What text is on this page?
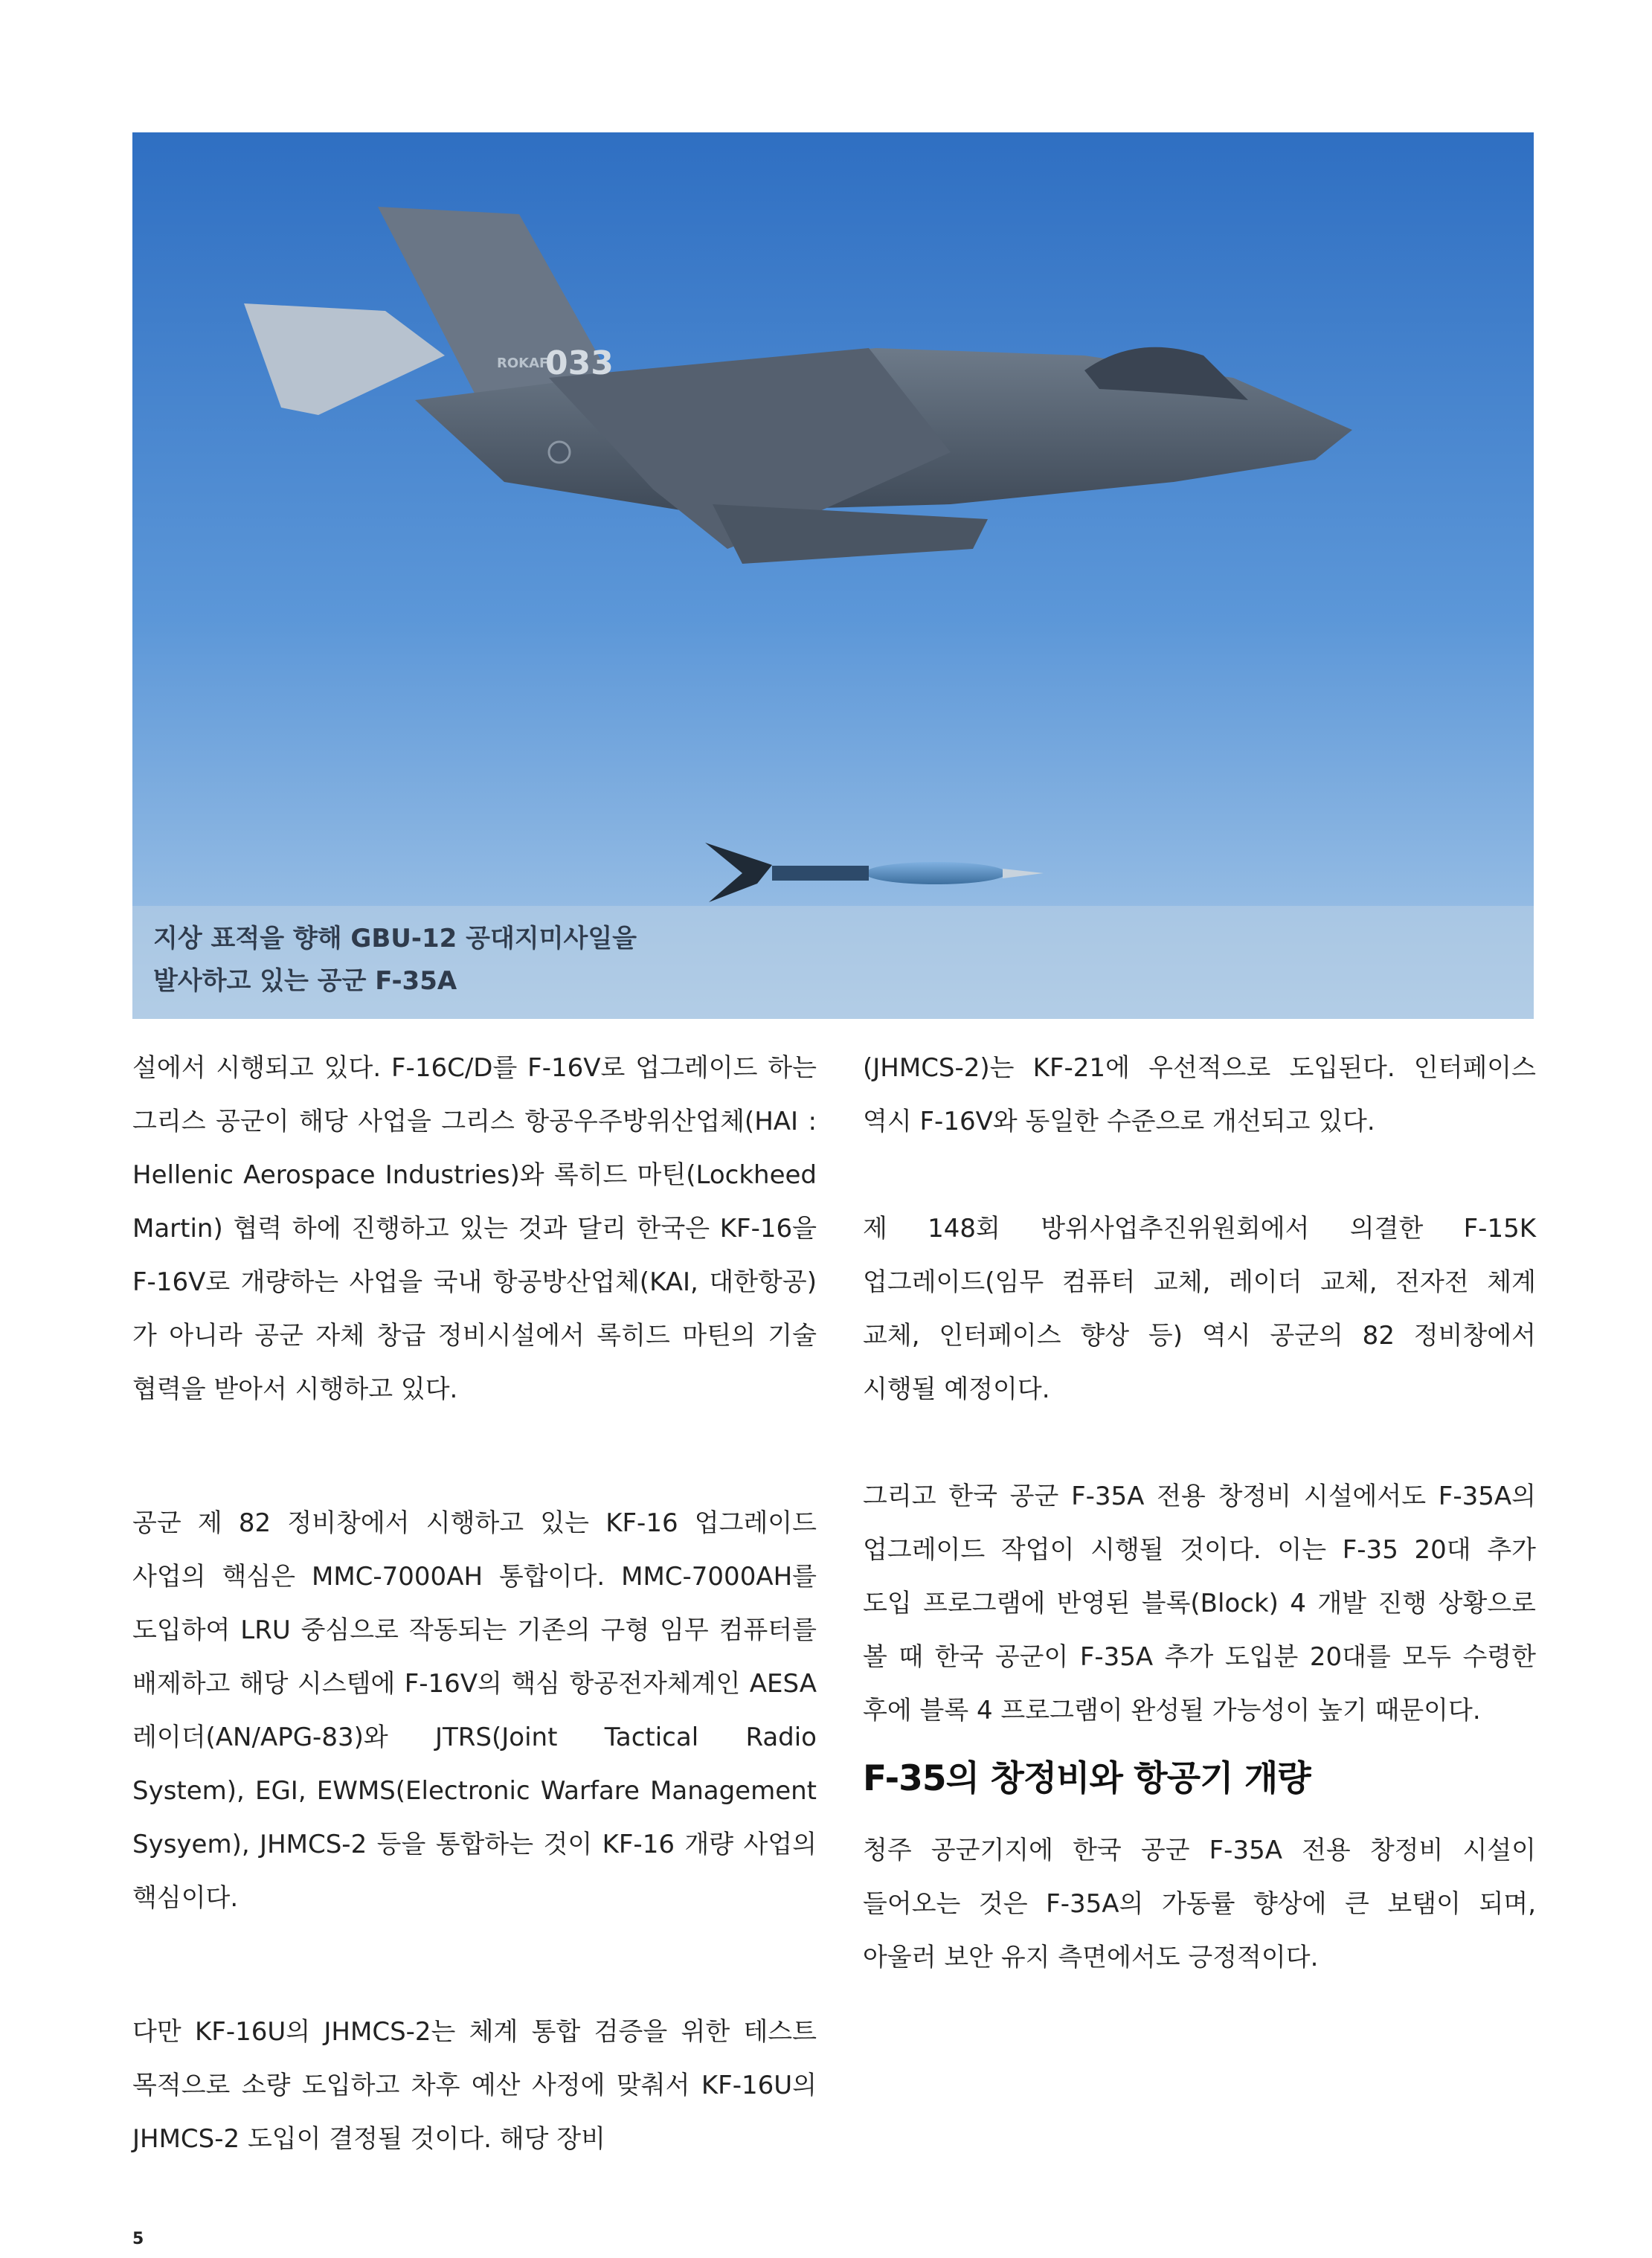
ROKAF
033
지상 표적을 향해 GBU-12 공대지미사일을
발사하고 있는 공군 F-35A
설에서 시행되고 있다. F-16C/D를 F-16V로 업그레이드 하는 그리스 공군이 해당 사업을 그리스 항공우주방위산업체(HAI : Hellenic Aerospace Industries)와 록히드 마틴(Lockheed Martin) 협력 하에 진행하고 있는 것과 달리 한국은 KF-16을 F-16V로 개량하는 사업을 국내 항공방산업체(KAI, 대한항공)가 아니라 공군 자체 창급 정비시설에서 록히드 마틴의 기술 협력을 받아서 시행하고 있다.
공군 제 82 정비창에서 시행하고 있는 KF-16 업그레이드 사업의 핵심은 MMC-7000AH 통합이다. MMC-7000AH를 도입하여 LRU 중심으로 작동되는 기존의 구형 임무 컴퓨터를 배제하고 해당 시스템에 F-16V의 핵심 항공전자체계인 AESA 레이더(AN/APG-83)와 JTRS(Joint Tactical Radio System), EGI, EWMS(Electronic Warfare Management Sysyem), JHMCS-2 등을 통합하는 것이 KF-16 개량 사업의 핵심이다.
다만 KF-16U의 JHMCS-2는 체계 통합 검증을 위한 테스트 목적으로 소량 도입하고 차후 예산 사정에 맞춰서 KF-16U의 JHMCS-2 도입이 결정될 것이다. 해당 장비
(JHMCS-2)는 KF-21에 우선적으로 도입된다. 인터페이스 역시 F-16V와 동일한 수준으로 개선되고 있다.
제 148회 방위사업추진위원회에서 의결한 F-15K 업그레이드(임무 컴퓨터 교체, 레이더 교체, 전자전 체계 교체, 인터페이스 향상 등) 역시 공군의 82 정비창에서 시행될 예정이다.
그리고 한국 공군 F-35A 전용 창정비 시설에서도 F-35A의 업그레이드 작업이 시행될 것이다. 이는 F-35 20대 추가 도입 프로그램에 반영된 블록(Block) 4 개발 진행 상황으로 볼 때 한국 공군이 F-35A 추가 도입분 20대를 모두 수령한 후에 블록 4 프로그램이 완성될 가능성이 높기 때문이다.
F-35의 창정비와 항공기 개량
청주 공군기지에 한국 공군 F-35A 전용 창정비 시설이 들어오는 것은 F-35A의 가동률 향상에 큰 보탬이 되며, 아울러 보안 유지 측면에서도 긍정적이다.
5
